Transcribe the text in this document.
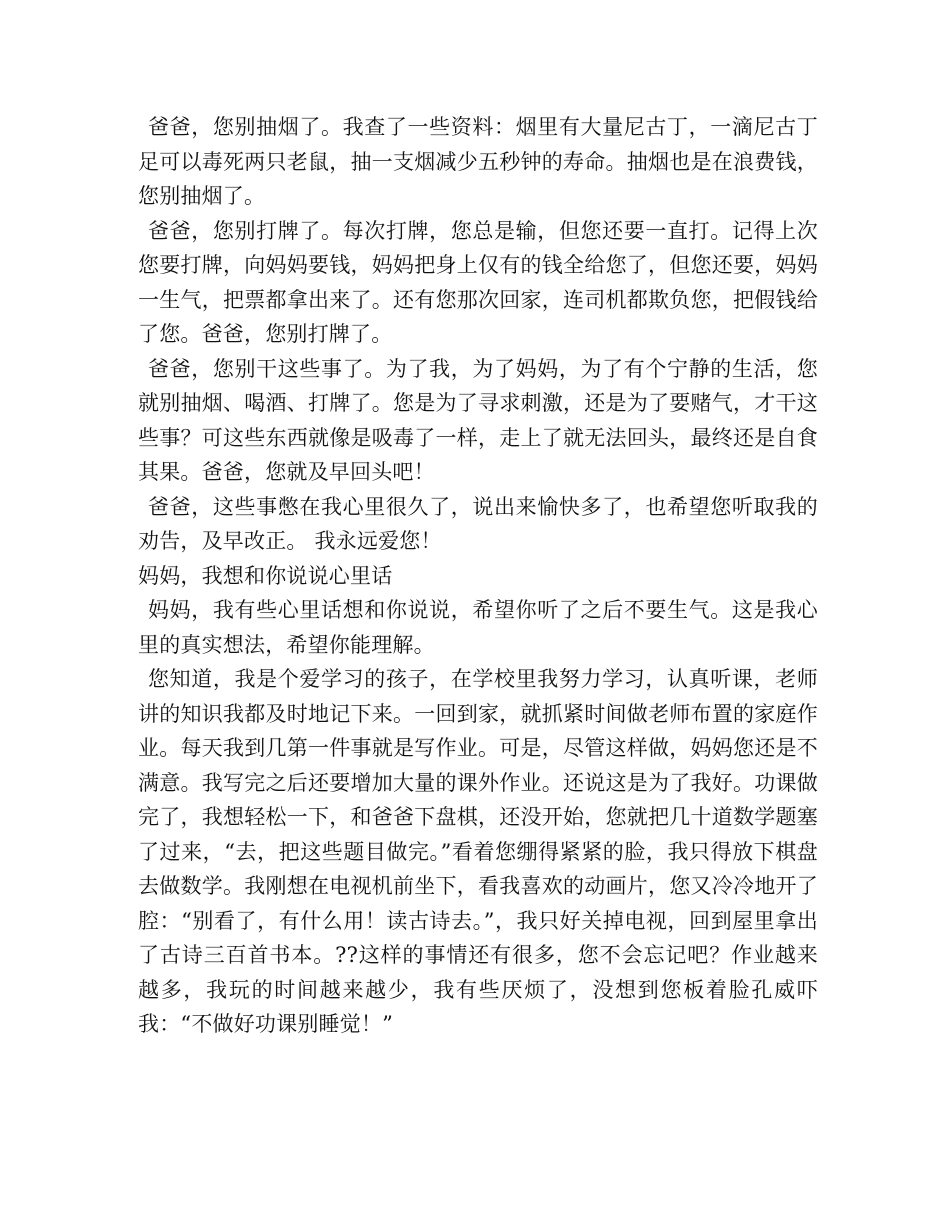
爸爸，您别抽烟了。我查了一些资料：烟里有大量尼古丁，一滴尼古丁足可以毒死两只老鼠，抽一支烟减少五秒钟的寿命。抽烟也是在浪费钱，您别抽烟了。

爸爸，您别打牌了。每次打牌，您总是输，但您还要一直打。记得上次您要打牌，向妈妈要钱，妈妈把身上仅有的钱全给您了，但您还要，妈妈一生气，把票都拿出来了。还有您那次回家，连司机都欺负您，把假钱给了您。爸爸，您别打牌了。

爸爸，您别干这些事了。为了我，为了妈妈，为了有个宁静的生活，您就别抽烟、喝酒、打牌了。您是为了寻求刺激，还是为了要赌气，才干这些事？可这些东西就像是吸毒了一样，走上了就无法回头，最终还是自食其果。爸爸，您就及早回头吧！

爸爸，这些事憋在我心里很久了，说出来愉快多了，也希望您听取我的劝告，及早改正。 我永远爱您！

妈妈，我想和你说说心里话

妈妈，我有些心里话想和你说说，希望你听了之后不要生气。这是我心里的真实想法，希望你能理解。

您知道，我是个爱学习的孩子，在学校里我努力学习，认真听课，老师讲的知识我都及时地记下来。一回到家，就抓紧时间做老师布置的家庭作业。每天我到几第一件事就是写作业。可是，尽管这样做，妈妈您还是不满意。我写完之后还要增加大量的课外作业。还说这是为了我好。功课做完了，我想轻松一下，和爸爸下盘棋，还没开始，您就把几十道数学题塞了过来，“去，把这些题目做完。”看着您绷得紧紧的脸，我只得放下棋盘去做数学。我刚想在电视机前坐下，看我喜欢的动画片，您又冷冷地开了腔：“别看了，有什么用！读古诗去。”，我只好关掉电视，回到屋里拿出了古诗三百首书本。??这样的事情还有很多，您不会忘记吧？作业越来越多，我玩的时间越来越少，我有些厌烦了，没想到您板着脸孔威吓我：“不做好功课别睡觉！”
